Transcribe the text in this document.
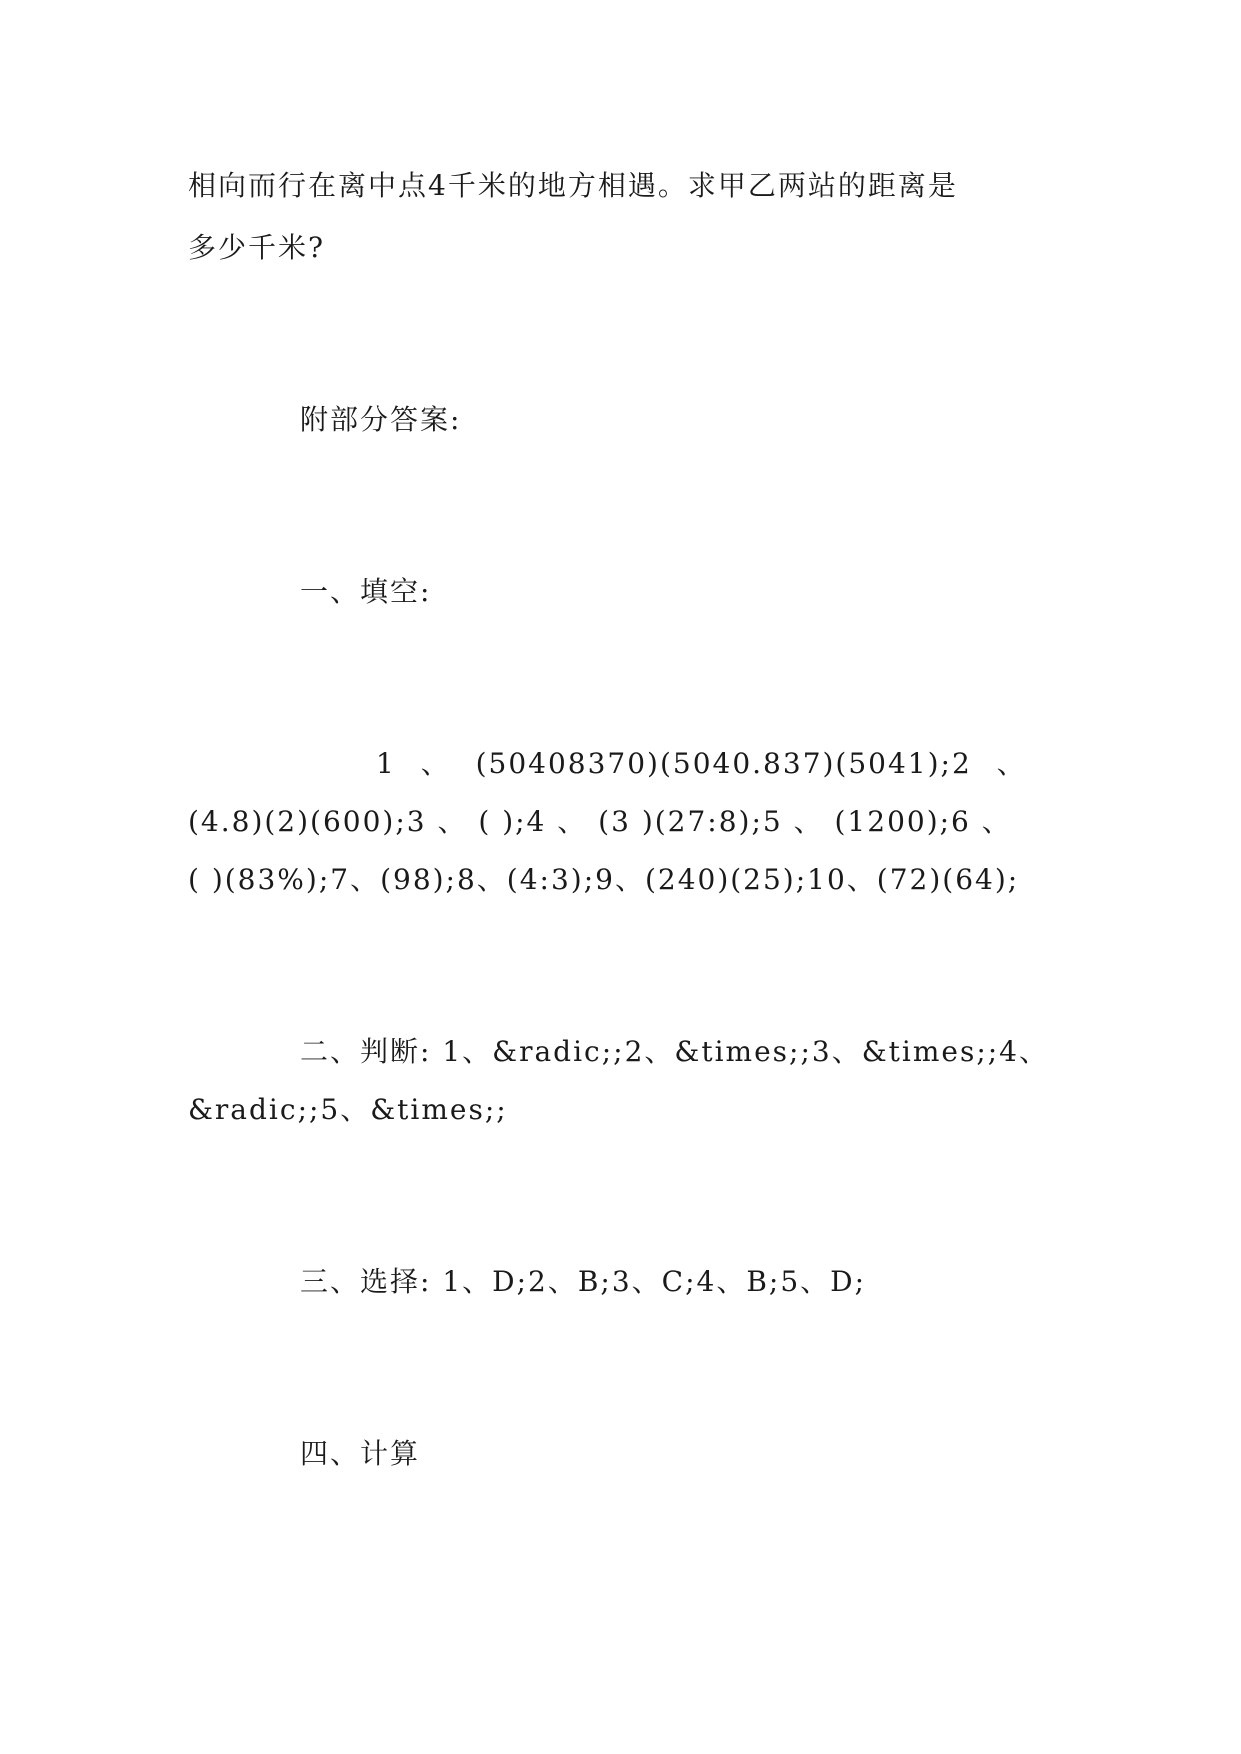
相向而行在离中点4千米的地方相遇。求甲乙两站的距离是
多少千米?
附部分答案:
一、填空:
1 、 (50408370)(5040.837)(5041);2 、
(4.8)(2)(600);3 、 ( );4 、 (3 )(27:8);5 、 (1200);6 、
( )(83%);7、(98);8、(4:3);9、(240)(25);10、(72)(64);
二、判断: 1、&radic;;2、&times;;3、&times;;4、
&radic;;5、&times;;
三、选择: 1、D;2、B;3、C;4、B;5、D;
四、计算
